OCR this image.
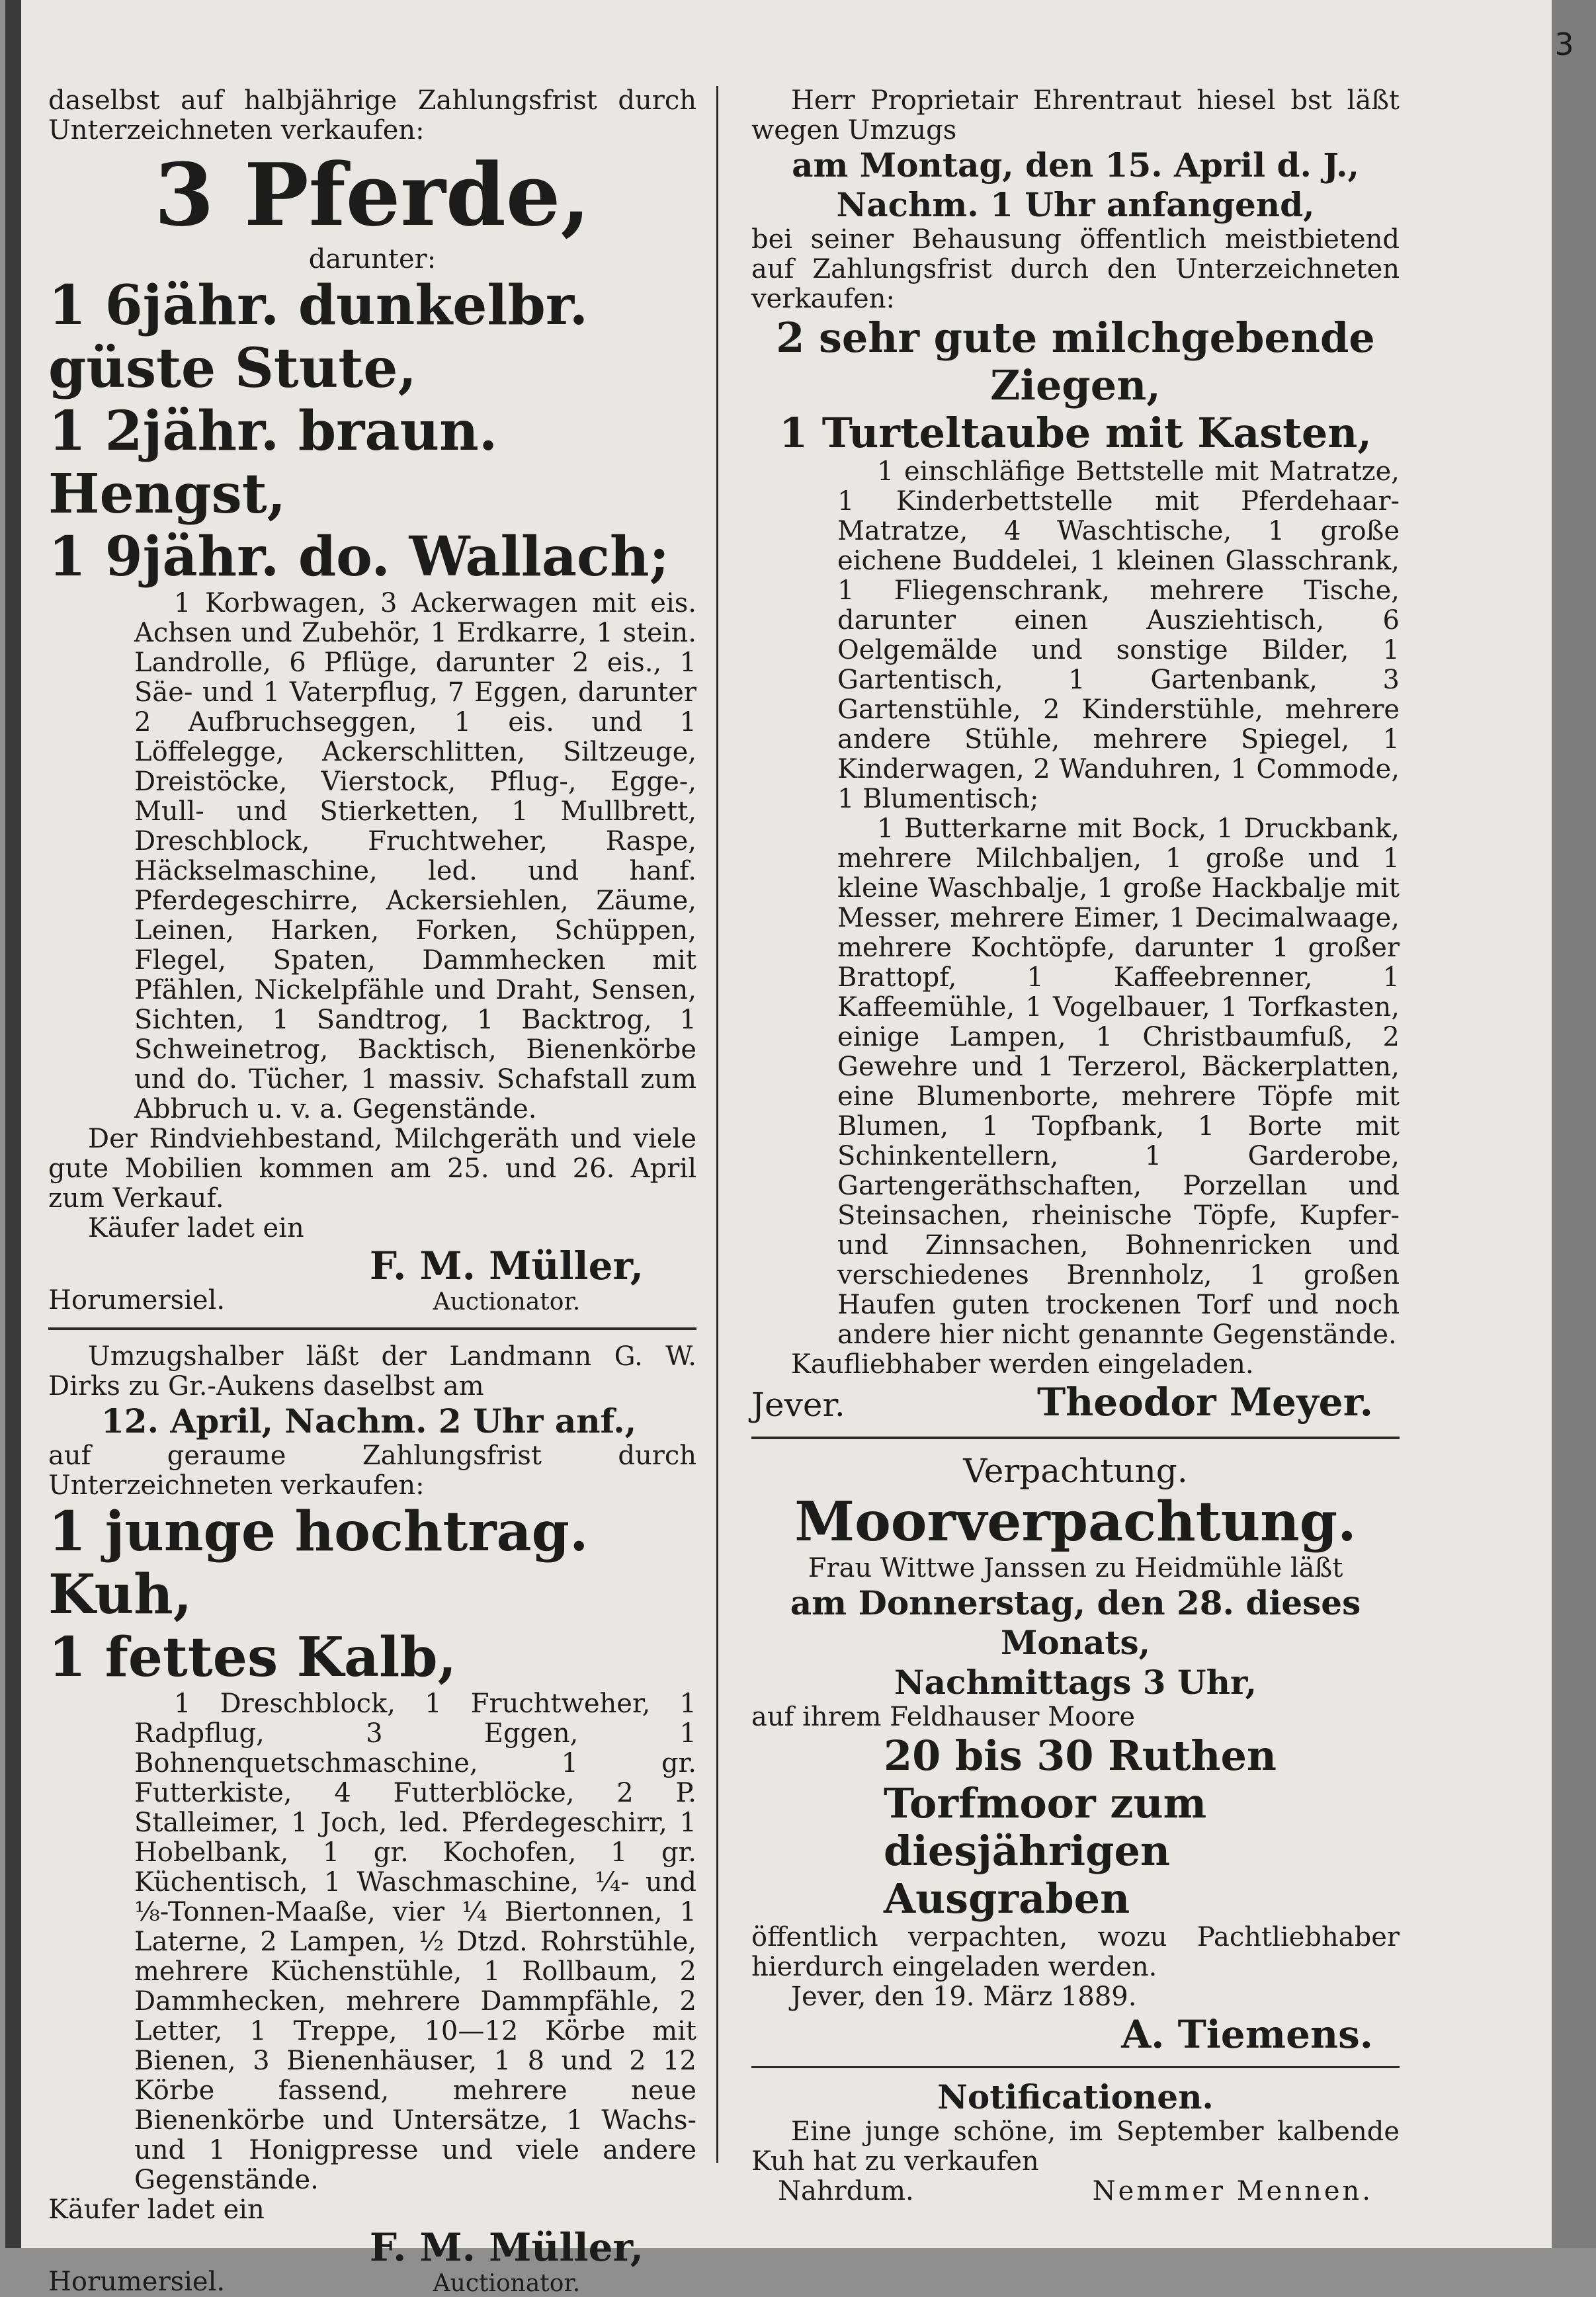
daselbst auf halbjährige Zahlungsfrist durch Unterzeichneten verkaufen:

3 Pferde,

darunter:

1 6jähr. dunkelbr. güste Stute,

1 2jähr. braun. Hengst,

1 9jähr. do. Wallach;

1 Korbwagen, 3 Ackerwagen mit eis. Achsen und Zubehör, 1 Erdkarre, 1 stein. Landrolle, 6 Pflüge, darunter 2 eis., 1 Säe- und 1 Vaterpflug, 7 Eggen, darunter 2 Aufbruchseggen, 1 eis. und 1 Löffelegge, Ackerschlitten, Siltzeuge, Dreistöcke, Vierstock, Pflug-, Egge-, Mull- und Stierketten, 1 Mullbrett, Dreschblock, Fruchtweher, Raspe, Häckselmaschine, led. und hanf. Pferdegeschirre, Ackersiehlen, Zäume, Leinen, Harken, Forken, Schüppen, Flegel, Spaten, Dammhecken mit Pfählen, Nickelpfähle und Draht, Sensen, Sichten, 1 Sandtrog, 1 Backtrog, 1 Schweinetrog, Backtisch, Bienenkörbe und do. Tücher, 1 massiv. Schafstall zum Abbruch u. v. a. Gegenstände.

Der Rindviehbestand, Milchgeräth und viele gute Mobilien kommen am 25. und 26. April zum Verkauf.

Käufer ladet ein

Horumersiel.
F. M. Müller,
Auctionator.

Umzugshalber läßt der Landmann G. W. Dirks zu Gr.-Aukens daselbst am

12. April, Nachm. 2 Uhr anf.,

auf geraume Zahlungsfrist durch Unterzeichneten verkaufen:

1 junge hochtrag. Kuh,

1 fettes Kalb,

1 Dreschblock, 1 Fruchtweher, 1 Radpflug, 3 Eggen, 1 Bohnenquetschmaschine, 1 gr. Futterkiste, 4 Futterblöcke, 2 P. Stalleimer, 1 Joch, led. Pferdegeschirr, 1 Hobelbank, 1 gr. Kochofen, 1 gr. Küchentisch, 1 Waschmaschine, ¼- und ⅛-Tonnen-Maaße, vier ¼ Biertonnen, 1 Laterne, 2 Lampen, ½ Dtzd. Rohrstühle, mehrere Küchenstühle, 1 Rollbaum, 2 Dammhecken, mehrere Dammpfähle, 2 Letter, 1 Treppe, 10—12 Körbe mit Bienen, 3 Bienenhäuser, 1 8 und 2 12 Körbe fassend, mehrere neue Bienenkörbe und Untersätze, 1 Wachs- und 1 Honigpresse und viele andere Gegenstände.

Käufer ladet ein

Horumersiel.
F. M. Müller,
Auctionator.

Herr Proprietair Ehrentraut hiesel bst läßt wegen Umzugs

am Montag, den 15. April d. J.,

Nachm. 1 Uhr anfangend,

bei seiner Behausung öffentlich meistbietend auf Zahlungsfrist durch den Unterzeichneten verkaufen:

2 sehr gute milchgebende Ziegen,

1 Turteltaube mit Kasten,

1 einschläfige Bettstelle mit Matratze, 1 Kinderbettstelle mit Pferdehaar-Matratze, 4 Waschtische, 1 große eichene Buddelei, 1 kleinen Glasschrank, 1 Fliegenschrank, mehrere Tische, darunter einen Ausziehtisch, 6 Oelgemälde und sonstige Bilder, 1 Gartentisch, 1 Gartenbank, 3 Gartenstühle, 2 Kinderstühle, mehrere andere Stühle, mehrere Spiegel, 1 Kinderwagen, 2 Wanduhren, 1 Commode, 1 Blumentisch;

1 Butterkarne mit Bock, 1 Druckbank, mehrere Milchbaljen, 1 große und 1 kleine Waschbalje, 1 große Hackbalje mit Messer, mehrere Eimer, 1 Decimalwaage, mehrere Kochtöpfe, darunter 1 großer Brattopf, 1 Kaffeebrenner, 1 Kaffeemühle, 1 Vogelbauer, 1 Torfkasten, einige Lampen, 1 Christbaumfuß, 2 Gewehre und 1 Terzerol, Bäckerplatten, eine Blumenborte, mehrere Töpfe mit Blumen, 1 Topfbank, 1 Borte mit Schinkentellern, 1 Garderobe, Gartengeräthschaften, Porzellan und Steinsachen, rheinische Töpfe, Kupfer- und Zinnsachen, Bohnenricken und verschiedenes Brennholz, 1 großen Haufen guten trockenen Torf und noch andere hier nicht genannte Gegenstände.

Kaufliebhaber werden eingeladen.

Jever.	Theodor Meyer.

Verpachtung.

Moorverpachtung.

Frau Wittwe Janssen zu Heidmühle läßt

am Donnerstag, den 28. dieses Monats,

Nachmittags 3 Uhr,

auf ihrem Feldhauser Moore

20 bis 30 Ruthen Torfmoor zum diesjährigen Ausgraben

öffentlich verpachten, wozu Pachtliebhaber hierdurch eingeladen werden.

Jever, den 19. März 1889.

A. Tiemens.

Notificationen.

Eine junge schöne, im September kalbende Kuh hat zu verkaufen

Nahrdum.	Nemmer Mennen.
3
